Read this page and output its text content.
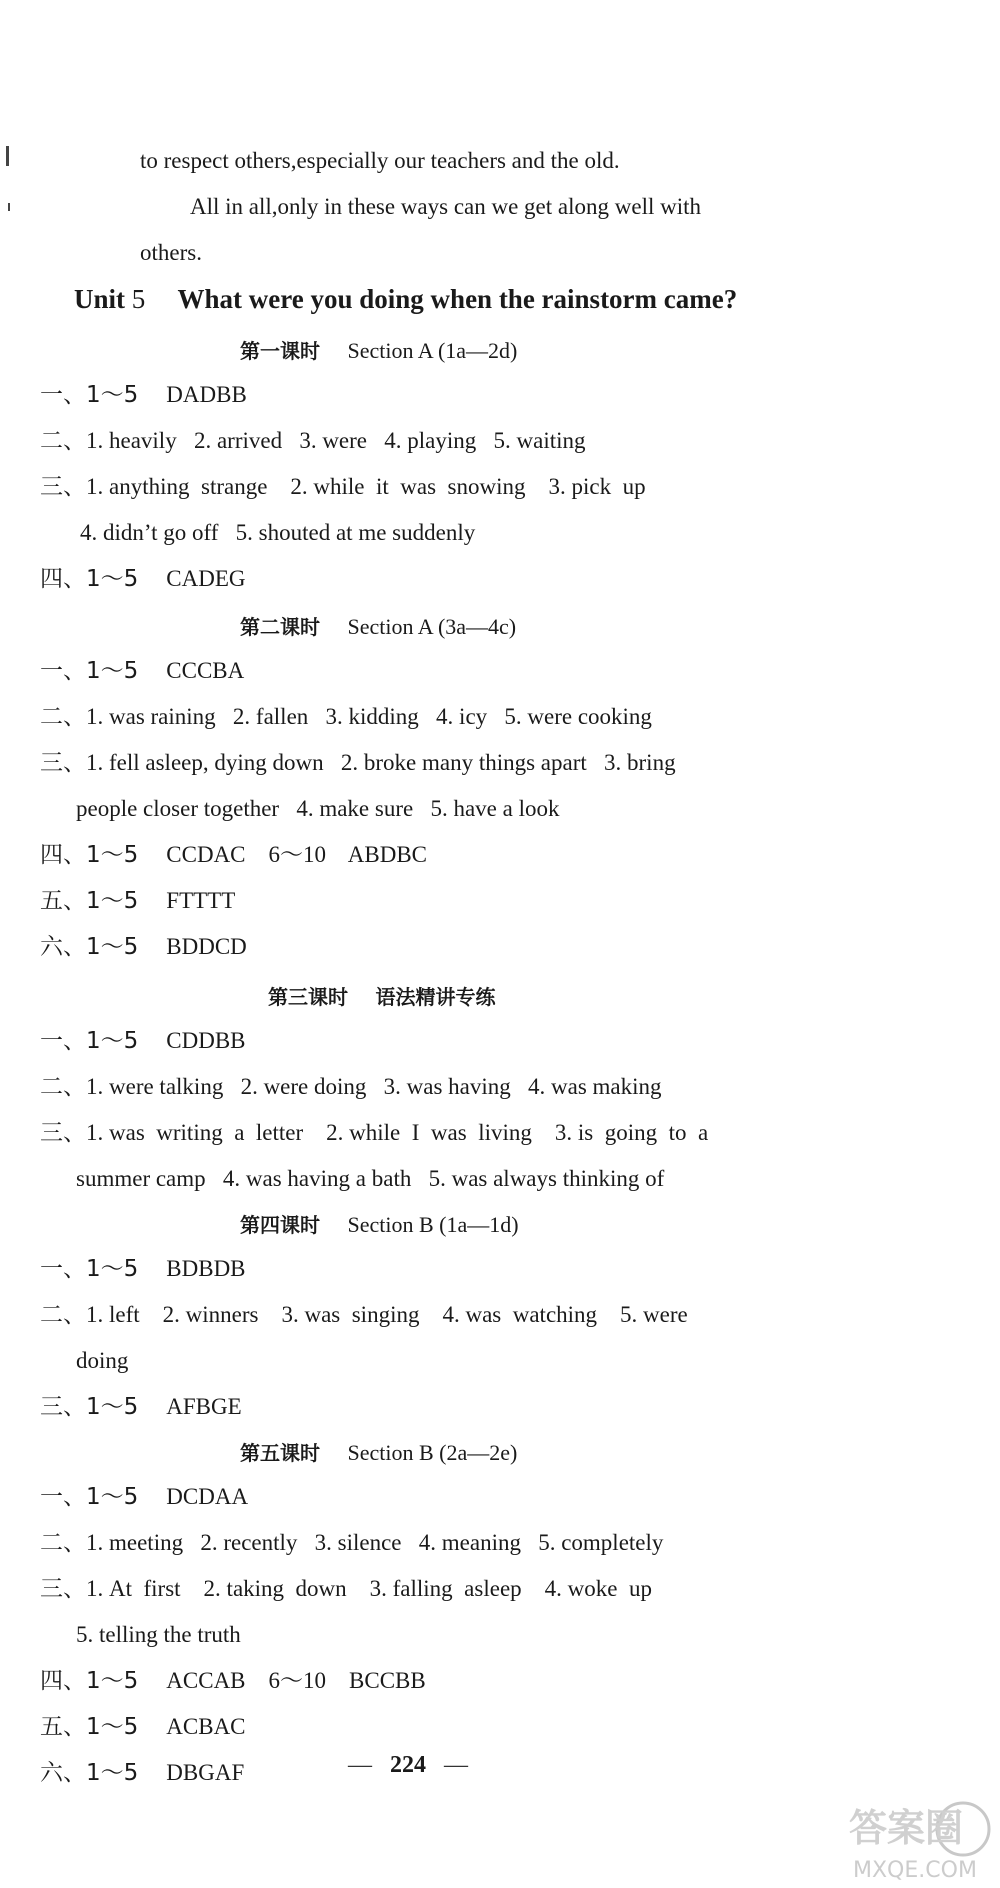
to respect others,especially our teachers and the old.
All in all,only in these ways can we get along well with
others.
Unit 5 What were you doing when the rainstorm came?
第一课时 Section A (1a—2d)
一、1～5 DADBB
二、1. heavily   2. arrived   3. were   4. playing   5. waiting
三、1. anything  strange    2. while  it  was  snowing    3. pick  up
4. didn’t go off   5. shouted at me suddenly
四、1～5 CADEG
第二课时 Section A (3a—4c)
一、1～5 CCCBA
二、1. was raining   2. fallen   3. kidding   4. icy   5. were cooking
三、1. fell asleep, dying down   2. broke many things apart   3. bring
people closer together   4. make sure   5. have a look
四、1～5 CCDAC    6～10    ABDBC
五、1～5 FTTTT
六、1～5 BDDCD
第三课时 语法精讲专练
一、1～5 CDDBB
二、1. were talking   2. were doing   3. was having   4. was making
三、1. was  writing  a  letter    2. while  I  was  living    3. is  going  to  a
summer camp   4. was having a bath   5. was always thinking of
第四课时 Section B (1a—1d)
一、1～5 BDBDB
二、1. left    2. winners    3. was  singing    4. was  watching    5. were
doing
三、1～5 AFBGE
第五课时 Section B (2a—2e)
一、1～5 DCDAA
二、1. meeting   2. recently   3. silence   4. meaning   5. completely
三、1. At  first    2. taking  down    3. falling  asleep    4. woke  up
5. telling the truth
四、1～5 ACCAB    6～10    BCCBB
五、1～5 ACBAC
六、1～5 DBGAF	— 224 —
答案圈
MXQE.COM
